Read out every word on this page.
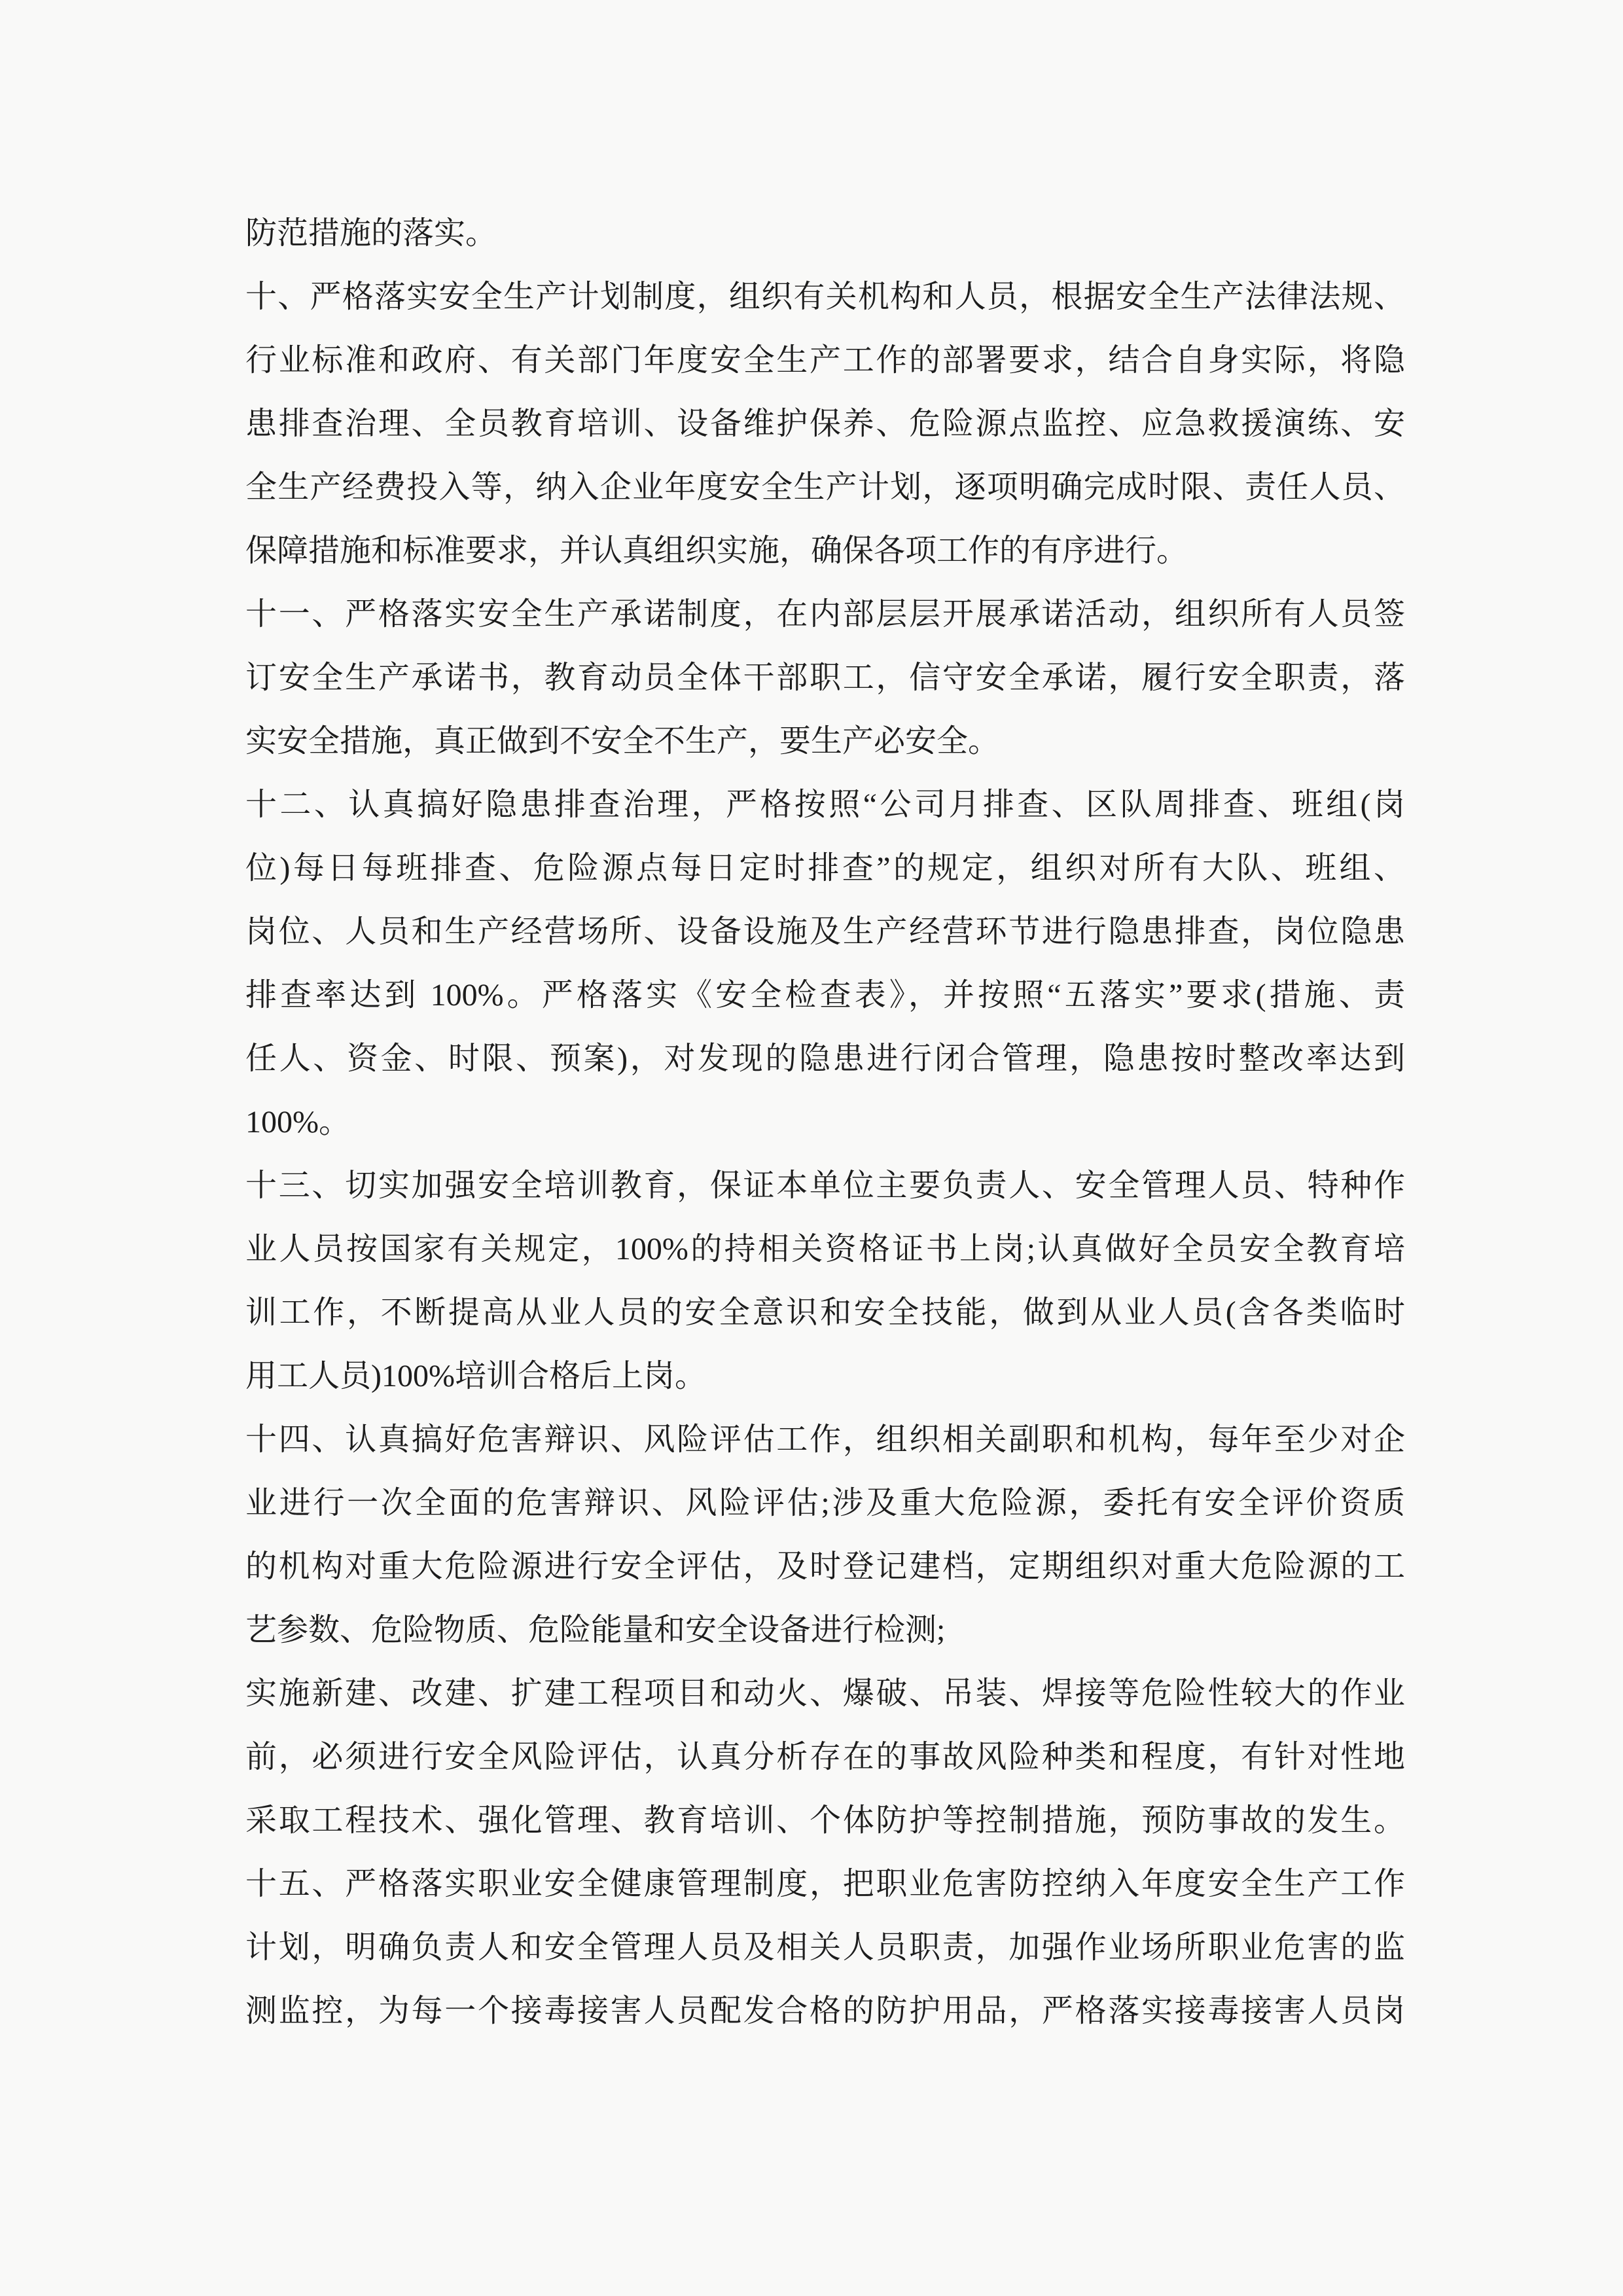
防范措施的落实。
十、严格落实安全生产计划制度，组织有关机构和人员，根据安全生产法律法规、
行业标准和政府、有关部门年度安全生产工作的部署要求，结合自身实际，将隐
患排查治理、全员教育培训、设备维护保养、危险源点监控、应急救援演练、安
全生产经费投入等，纳入企业年度安全生产计划，逐项明确完成时限、责任人员、
保障措施和标准要求，并认真组织实施，确保各项工作的有序进行。
十一、严格落实安全生产承诺制度，在内部层层开展承诺活动，组织所有人员签
订安全生产承诺书，教育动员全体干部职工，信守安全承诺，履行安全职责，落
实安全措施，真正做到不安全不生产，要生产必安全。
十二、认真搞好隐患排查治理，严格按照“公司月排查、区队周排查、班组(岗
位)每日每班排查、危险源点每日定时排查”的规定，组织对所有大队、班组、
岗位、人员和生产经营场所、设备设施及生产经营环节进行隐患排查，岗位隐患
排查率达到 100%。严格落实《安全检查表》，并按照“五落实”要求(措施、责
任人、资金、时限、预案)，对发现的隐患进行闭合管理，隐患按时整改率达到
100%。
十三、切实加强安全培训教育，保证本单位主要负责人、安全管理人员、特种作
业人员按国家有关规定，100%的持相关资格证书上岗;认真做好全员安全教育培
训工作，不断提高从业人员的安全意识和安全技能，做到从业人员(含各类临时
用工人员)100%培训合格后上岗。
十四、认真搞好危害辩识、风险评估工作，组织相关副职和机构，每年至少对企
业进行一次全面的危害辩识、风险评估;涉及重大危险源，委托有安全评价资质
的机构对重大危险源进行安全评估，及时登记建档，定期组织对重大危险源的工
艺参数、危险物质、危险能量和安全设备进行检测;
实施新建、改建、扩建工程项目和动火、爆破、吊装、焊接等危险性较大的作业
前，必须进行安全风险评估，认真分析存在的事故风险种类和程度，有针对性地
采取工程技术、强化管理、教育培训、个体防护等控制措施，预防事故的发生。
十五、严格落实职业安全健康管理制度，把职业危害防控纳入年度安全生产工作
计划，明确负责人和安全管理人员及相关人员职责，加强作业场所职业危害的监
测监控，为每一个接毒接害人员配发合格的防护用品，严格落实接毒接害人员岗
